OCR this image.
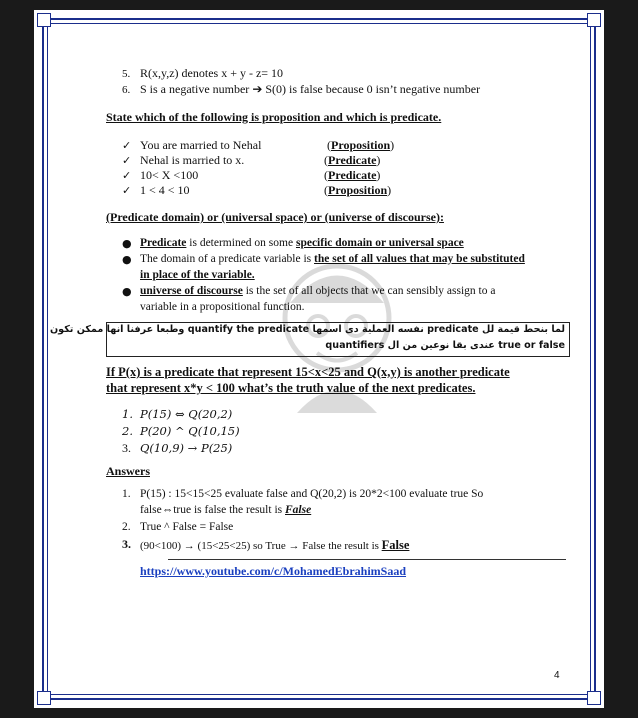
5. R(x,y,z) denotes x + y - z= 10
6. S is a negative number ➔ S(0) is false because 0 isn’t negative number
State which of the following is proposition and which is predicate.
✓ You are married to Nehal	(Proposition)
✓ Nehal is married to x.	(Predicate)
✓ 10< X <100	(Predicate)
✓ 1 < 4 < 10	(Proposition)
(Predicate domain) or (universal space) or (universe of discourse):
● Predicate is determined on some specific domain or universal space
● The domain of a predicate variable is the set of all values that may be substituted
in place of the variable.
● universe of discourse is the set of all objects that we can sensibly assign to a
variable in a propositional function.
لما بنحط قيمة لل predicate نفسه العملية دى اسمها quantify the predicate وطبعا عرفنا انها ممكن تكون
true or false عندى بقا نوعين من ال quantifiers
If P(x) is a predicate that represent 15<x<25 and Q(x,y) is another predicate
that represent x*y < 100 what’s the truth value of the next predicates.
1. P(15) ⇔ Q(20,2)
2. P(20) ^ Q(10,15)
3. Q(10,9) → P(25)
Answers
1. P(15) : 15<15<25 evaluate false and Q(20,2) is 20*2<100 evaluate true So
false⇔true is false the result is False
2. True ^ False = False
3. (90<100) → (15<25<25) so True → False the result is False
https://www.youtube.com/c/MohamedEbrahimSaad
4
